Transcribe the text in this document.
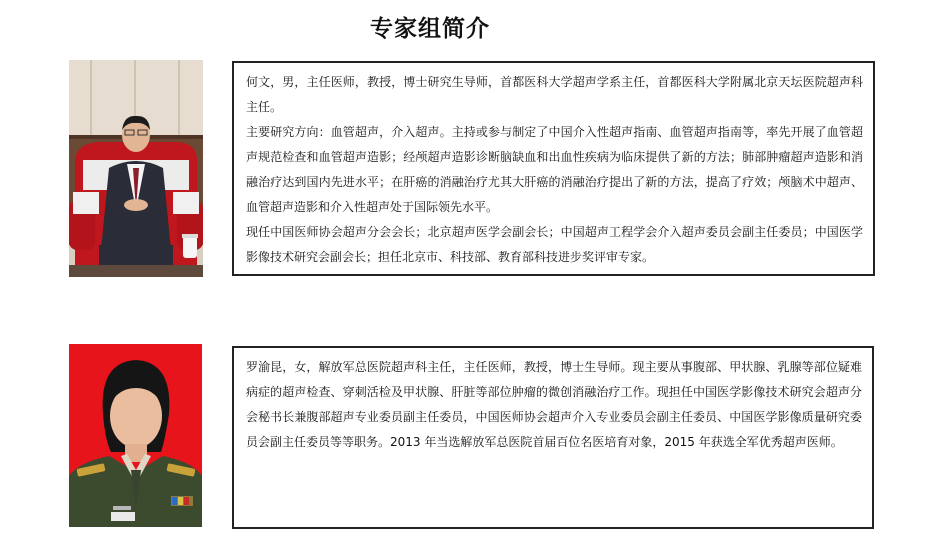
专家组简介

何文，男，主任医师，教授，博士研究生导师，首都医科大学超声学系主任，首都医科大学附属北京天坛医院超声科主任。

主要研究方向：血管超声，介入超声。主持或参与制定了中国介入性超声指南、血管超声指南等，率先开展了血管超声规范检查和血管超声造影；经颅超声造影诊断脑缺血和出血性疾病为临床提供了新的方法；肺部肿瘤超声造影和消融治疗达到国内先进水平；在肝癌的消融治疗尤其大肝癌的消融治疗提出了新的方法，提高了疗效；颅脑术中超声、血管超声造影和介入性超声处于国际领先水平。

现任中国医师协会超声分会会长；北京超声医学会副会长；中国超声工程学会介入超声委员会副主任委员；中国医学影像技术研究会副会长；担任北京市、科技部、教育部科技进步奖评审专家。

罗渝昆，女，解放军总医院超声科主任，主任医师，教授，博士生导师。现主要从事腹部、甲状腺、乳腺等部位疑难病症的超声检查、穿刺活检及甲状腺、肝脏等部位肿瘤的微创消融治疗工作。现担任中国医学影像技术研究会超声分会秘书长兼腹部超声专业委员副主任委员，中国医师协会超声介入专业委员会副主任委员、中国医学影像质量研究委员会副主任委员等等职务。2013 年当选解放军总医院首届百位名医培育对象，2015 年获选全军优秀超声医师。
